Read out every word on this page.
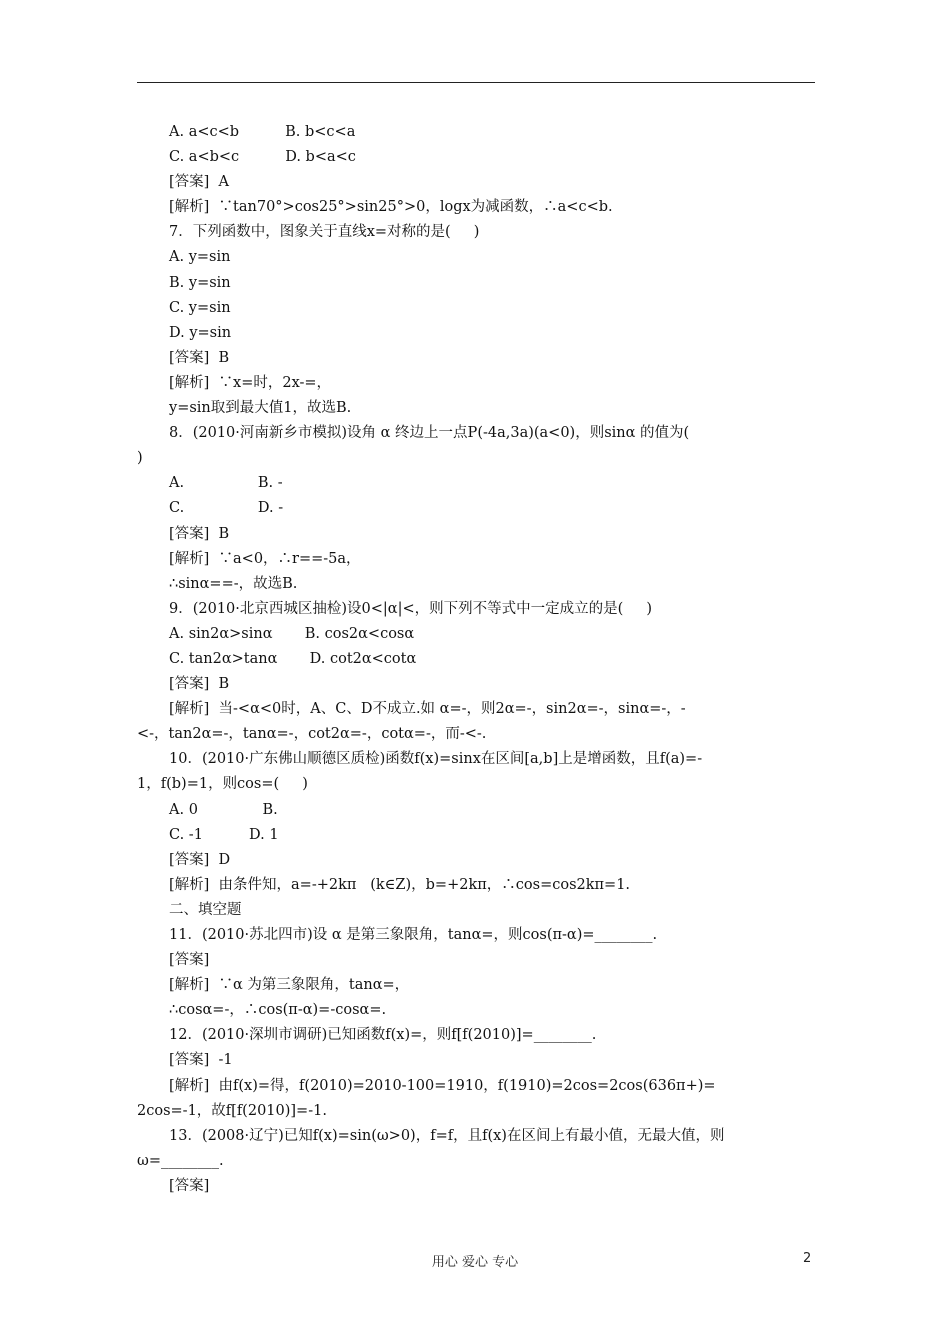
A. a<c<b          B. b<c<a
C. a<b<c          D. b<a<c
[答案]  A
[解析]  ∵tan70°>cos25°>sin25°>0，logx为减函数，∴a<c<b.
7．下列函数中，图象关于直线x=对称的是(     )
A. y=sin
B. y=sin
C. y=sin
D. y=sin
[答案]  B
[解析]  ∵x=时，2x-=，
y=sin取到最大值1，故选B.
8．(2010·河南新乡市模拟)设角 α 终边上一点P(-4a,3a)(a<0)，则sinα 的值为(
)
A.                B. -
C.                D. -
[答案]  B
[解析]  ∵a<0，∴r==-5a，
∴sinα==-，故选B.
9．(2010·北京西城区抽检)设0<|α|<，则下列不等式中一定成立的是(     )
A. sin2α>sinα       B. cos2α<cosα
C. tan2α>tanα       D. cot2α<cotα
[答案]  B
[解析]  当-<α<0时，A、C、D不成立.如 α=-，则2α=-，sin2α=-，sinα=-，-
<-，tan2α=-，tanα=-，cot2α=-，cotα=-，而-<-.
10．(2010·广东佛山顺德区质检)函数f(x)=sinx在区间[a,b]上是增函数，且f(a)=-
1，f(b)=1，则cos=(     )
A. 0              B.
C. -1          D. 1
[答案]  D
[解析]  由条件知，a=-+2kπ   (k∈Z)，b=+2kπ，∴cos=cos2kπ=1.
二、填空题
11．(2010·苏北四市)设 α 是第三象限角，tanα=，则cos(π-α)=________.
[答案]
[解析]  ∵α 为第三象限角，tanα=，
∴cosα=-，∴cos(π-α)=-cosα=.
12．(2010·深圳市调研)已知函数f(x)=，则f[f(2010)]=________.
[答案]  -1
[解析]  由f(x)=得，f(2010)=2010-100=1910，f(1910)=2cos=2cos(636π+)=
2cos=-1，故f[f(2010)]=-1.
13．(2008·辽宁)已知f(x)=sin(ω>0)，f=f，且f(x)在区间上有最小值，无最大值，则
ω=________.
[答案]
用心 爱心 专心	2
